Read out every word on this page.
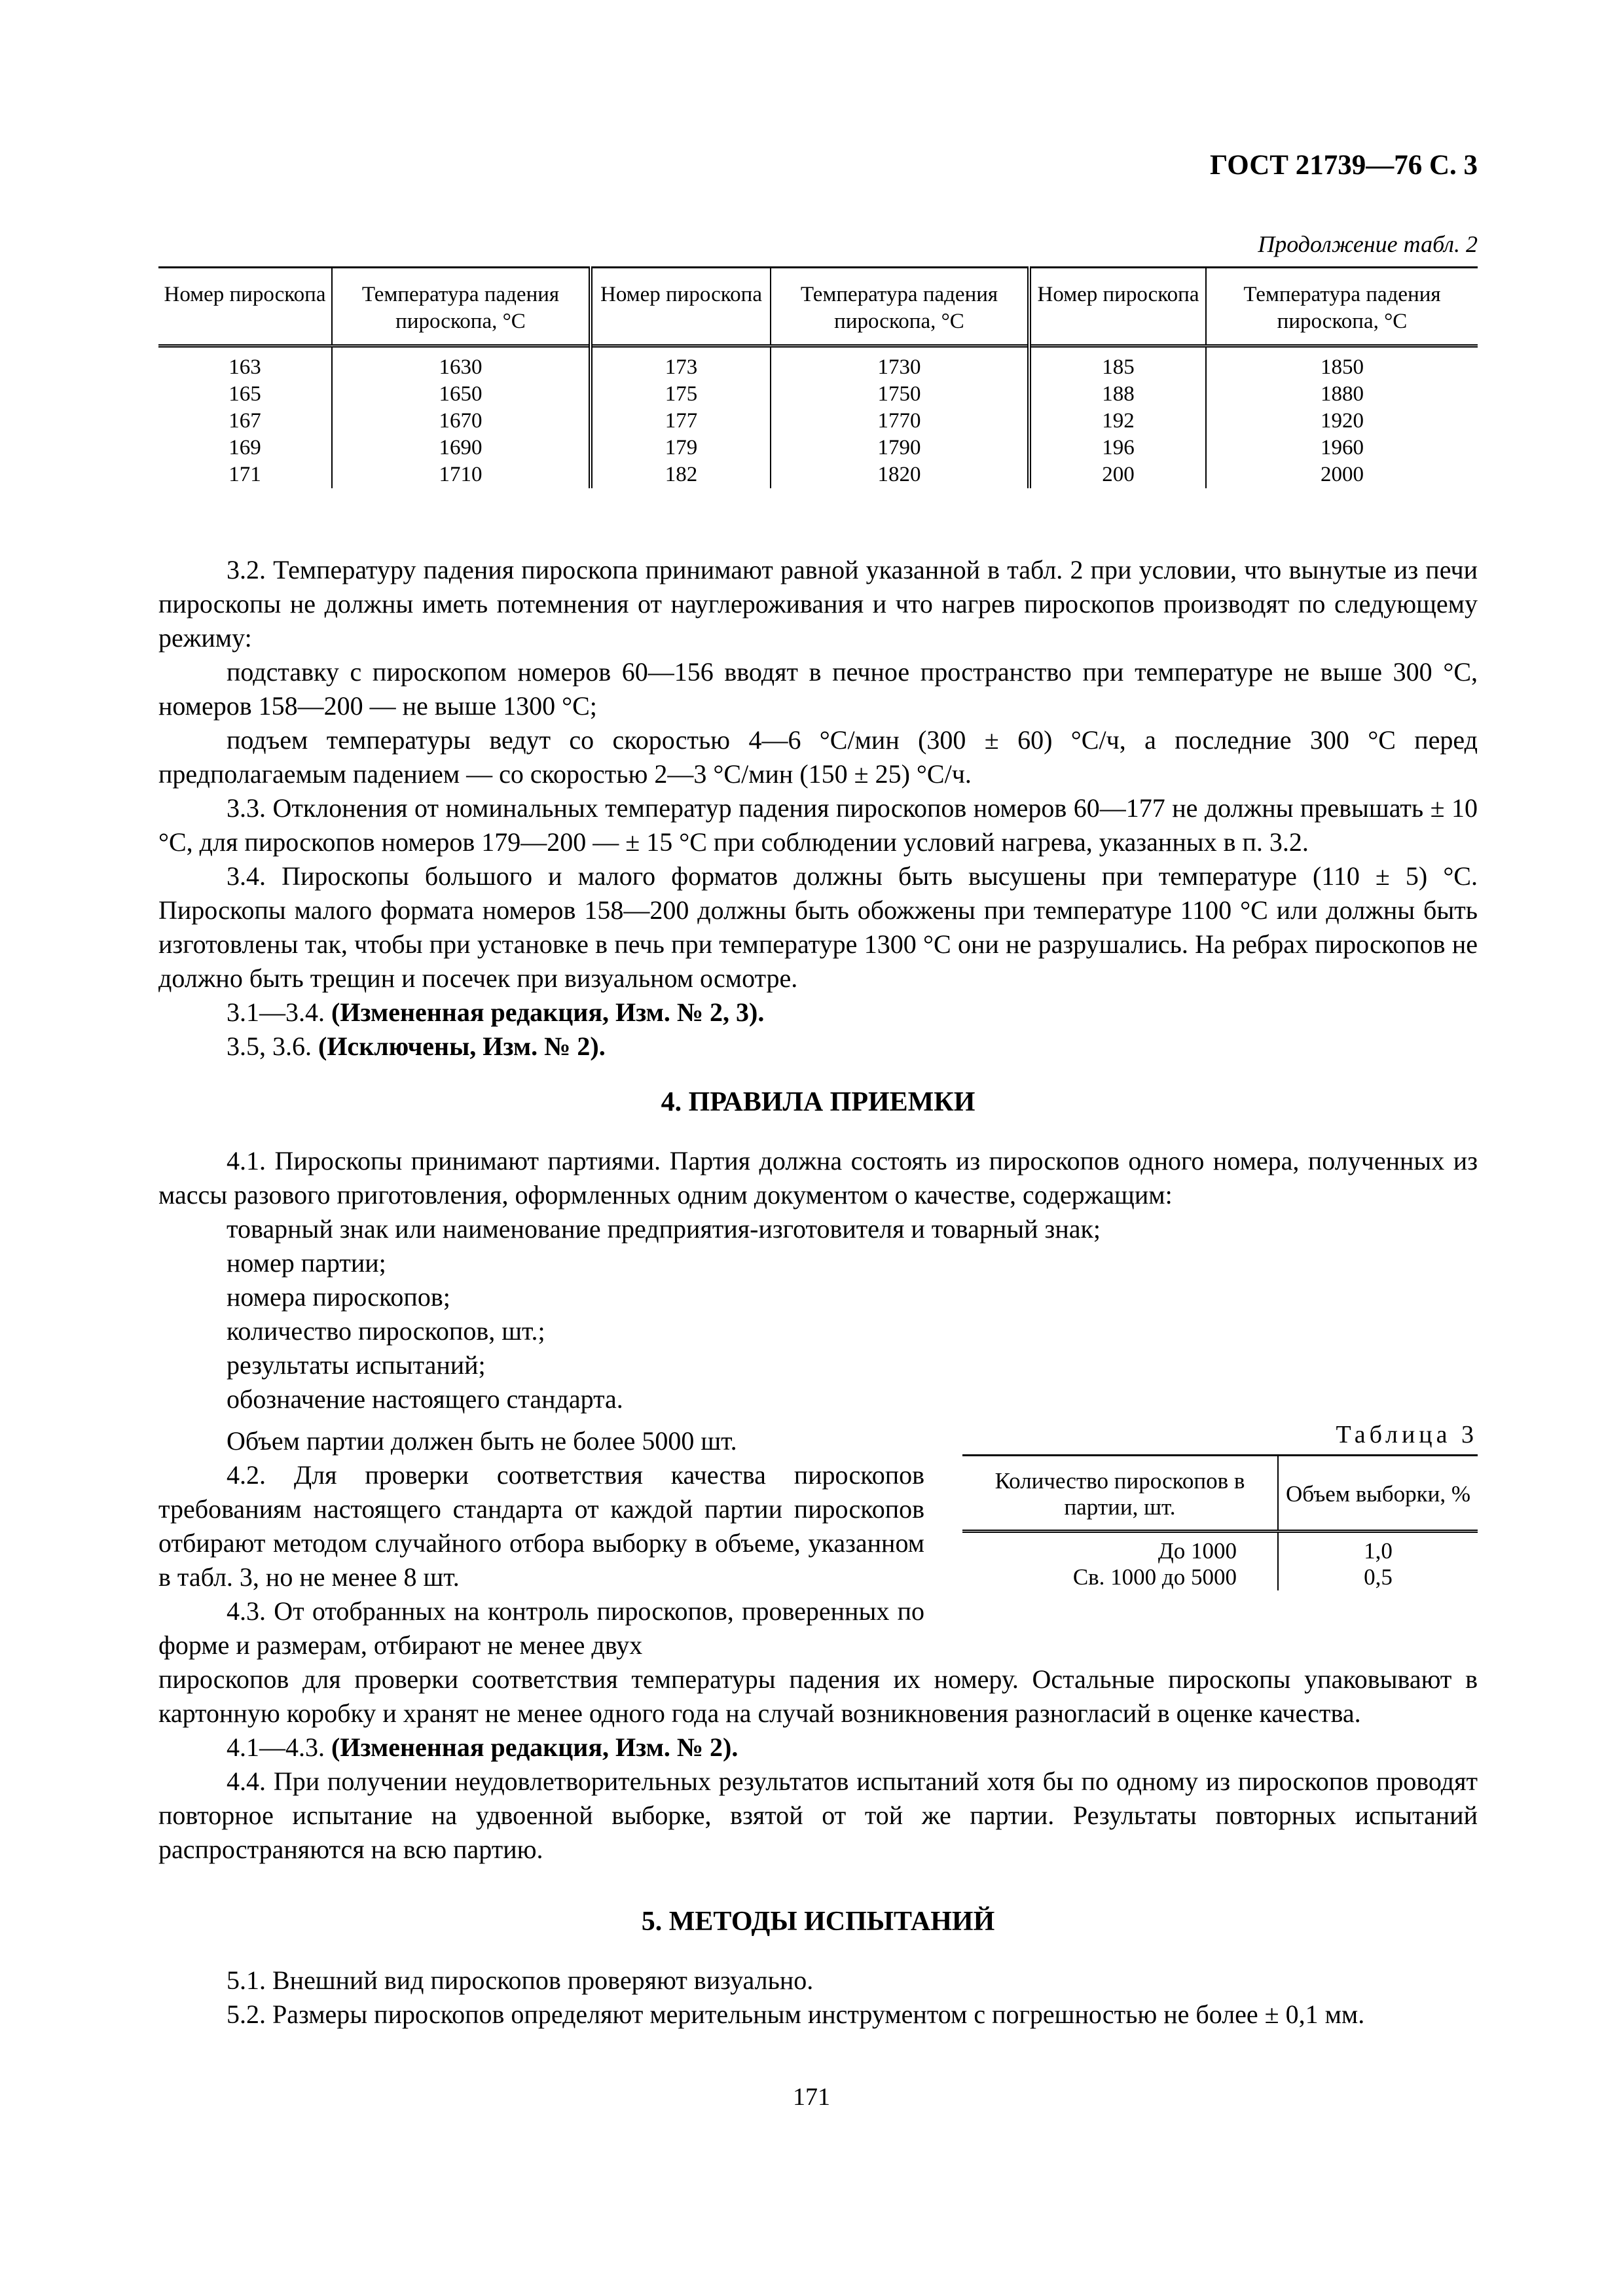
ГОСТ 21739—76 С. 3
Продолжение табл. 2
Номер пироскопа	Температура падения пироскопа, °С	Номер пироскопа	Температура падения пироскопа, °С	Номер пироскопа	Температура падения пироскопа, °С
163	1630	173	1730	185	1850
165	1650	175	1750	188	1880
167	1670	177	1770	192	1920
169	1690	179	1790	196	1960
171	1710	182	1820	200	2000

3.2. Температуру падения пироскопа принимают равной указанной в табл. 2 при условии, что вынутые из печи пироскопы не должны иметь потемнения от науглероживания и что нагрев пироскопов производят по следующему режиму:

подставку с пироскопом номеров 60—156 вводят в печное пространство при температуре не выше 300 °С, номеров 158—200 — не выше 1300 °С;

подъем температуры ведут со скоростью 4—6 °С/мин (300 ± 60) °С/ч, а последние 300 °С перед предполагаемым падением — со скоростью 2—3 °С/мин (150 ± 25) °С/ч.

3.3. Отклонения от номинальных температур падения пироскопов номеров 60—177 не должны превышать ± 10 °С, для пироскопов номеров 179—200 — ± 15 °С при соблюдении условий нагрева, указанных в п. 3.2.

3.4. Пироскопы большого и малого форматов должны быть высушены при температуре (110 ± 5) °С. Пироскопы малого формата номеров 158—200 должны быть обожжены при температуре 1100 °С или должны быть изготовлены так, чтобы при установке в печь при температуре 1300 °С они не разрушались. На ребрах пироскопов не должно быть трещин и посечек при визуальном осмотре.

3.1—3.4. (Измененная редакция, Изм. № 2, 3).

3.5, 3.6. (Исключены, Изм. № 2).

4. ПРАВИЛА ПРИЕМКИ

4.1. Пироскопы принимают партиями. Партия должна состоять из пироскопов одного номера, полученных из массы разового приготовления, оформленных одним документом о качестве, содержащим:

товарный знак или наименование предприятия-изготовителя и товарный знак;

номер партии;

номера пироскопов;

количество пироскопов, шт.;

результаты испытаний;

обозначение настоящего стандарта.

Объем партии должен быть не более 5000 шт.

4.2. Для проверки соответствия качества пироскопов требованиям настоящего стандарта от каждой партии пироскопов отбирают методом случайного отбора выборку в объеме, указанном в табл. 3, но не менее 8 шт.

4.3. От отобранных на контроль пироскопов, проверенных по форме и размерам, отбирают не менее двух

Таблица 3
Количество пироскопов в партии, шт.	Объем выборки, %
До 1000	1,0
Св. 1000 до 5000	0,5

пироскопов для проверки соответствия температуры падения их номеру. Остальные пироскопы упаковывают в картонную коробку и хранят не менее одного года на случай возникновения разногласий в оценке качества.

4.1—4.3. (Измененная редакция, Изм. № 2).

4.4. При получении неудовлетворительных результатов испытаний хотя бы по одному из пироскопов проводят повторное испытание на удвоенной выборке, взятой от той же партии. Результаты повторных испытаний распространяются на всю партию.

5. МЕТОДЫ ИСПЫТАНИЙ

5.1. Внешний вид пироскопов проверяют визуально.

5.2. Размеры пироскопов определяют мерительным инструментом с погрешностью не более ± 0,1 мм.

171
